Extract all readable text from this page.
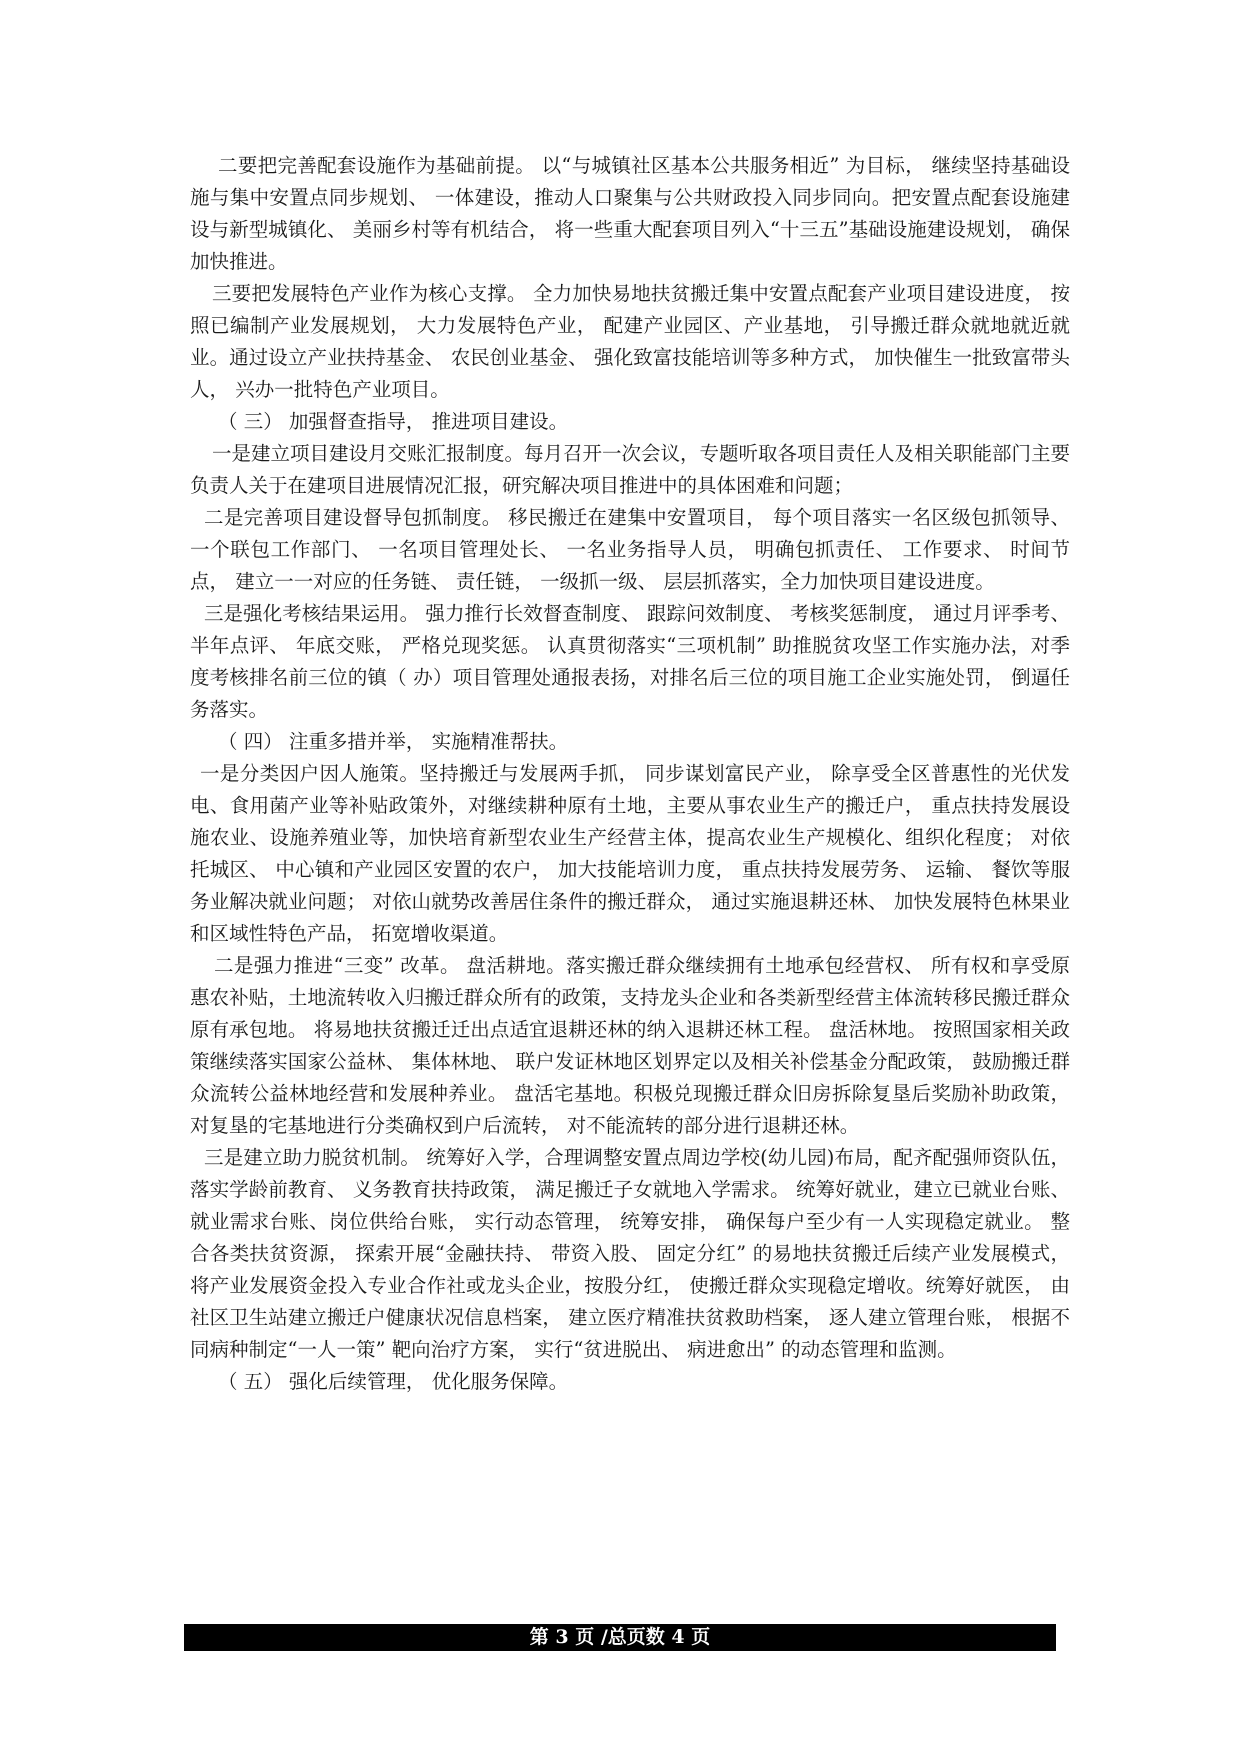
二要把完善配套设施作为基础前提。 以“与城镇社区基本公共服务相近” 为目标， 继续坚持基础设施与集中安置点同步规划、 一体建设，推动人口聚集与公共财政投入同步同向。把安置点配套设施建设与新型城镇化、 美丽乡村等有机结合， 将一些重大配套项目列入“十三五”基础设施建设规划， 确保加快推进。

三要把发展特色产业作为核心支撑。 全力加快易地扶贫搬迁集中安置点配套产业项目建设进度， 按照已编制产业发展规划， 大力发展特色产业， 配建产业园区、产业基地， 引导搬迁群众就地就近就业。通过设立产业扶持基金、 农民创业基金、 强化致富技能培训等多种方式， 加快催生一批致富带头人， 兴办一批特色产业项目。

（ 三） 加强督查指导， 推进项目建设。

一是建立项目建设月交账汇报制度。每月召开一次会议，专题听取各项目责任人及相关职能部门主要负责人关于在建项目进展情况汇报，研究解决项目推进中的具体困难和问题；

二是完善项目建设督导包抓制度。 移民搬迁在建集中安置项目， 每个项目落实一名区级包抓领导、 一个联包工作部门、 一名项目管理处长、 一名业务指导人员， 明确包抓责任、 工作要求、 时间节点， 建立一一对应的任务链、 责任链， 一级抓一级、 层层抓落实，全力加快项目建设进度。

三是强化考核结果运用。 强力推行长效督查制度、 跟踪问效制度、 考核奖惩制度， 通过月评季考、 半年点评、 年底交账， 严格兑现奖惩。 认真贯彻落实“三项机制” 助推脱贫攻坚工作实施办法，对季度考核排名前三位的镇（ 办）项目管理处通报表扬，对排名后三位的项目施工企业实施处罚， 倒逼任务落实。

（ 四） 注重多措并举， 实施精准帮扶。

一是分类因户因人施策。坚持搬迁与发展两手抓， 同步谋划富民产业， 除享受全区普惠性的光伏发电、食用菌产业等补贴政策外，对继续耕种原有土地，主要从事农业生产的搬迁户， 重点扶持发展设施农业、设施养殖业等，加快培育新型农业生产经营主体，提高农业生产规模化、组织化程度； 对依托城区、 中心镇和产业园区安置的农户， 加大技能培训力度， 重点扶持发展劳务、 运输、 餐饮等服务业解决就业问题； 对依山就势改善居住条件的搬迁群众， 通过实施退耕还林、 加快发展特色林果业和区域性特色产品， 拓宽增收渠道。

二是强力推进“三变” 改革。 盘活耕地。落实搬迁群众继续拥有土地承包经营权、 所有权和享受原惠农补贴，土地流转收入归搬迁群众所有的政策，支持龙头企业和各类新型经营主体流转移民搬迁群众原有承包地。 将易地扶贫搬迁迁出点适宜退耕还林的纳入退耕还林工程。 盘活林地。 按照国家相关政策继续落实国家公益林、 集体林地、 联户发证林地区划界定以及相关补偿基金分配政策， 鼓励搬迁群众流转公益林地经营和发展种养业。 盘活宅基地。积极兑现搬迁群众旧房拆除复垦后奖励补助政策，对复垦的宅基地进行分类确权到户后流转， 对不能流转的部分进行退耕还林。

三是建立助力脱贫机制。 统筹好入学，合理调整安置点周边学校(幼儿园)布局，配齐配强师资队伍， 落实学龄前教育、 义务教育扶持政策， 满足搬迁子女就地入学需求。 统筹好就业，建立已就业台账、 就业需求台账、岗位供给台账， 实行动态管理， 统筹安排， 确保每户至少有一人实现稳定就业。 整合各类扶贫资源， 探索开展“金融扶持、 带资入股、 固定分红” 的易地扶贫搬迁后续产业发展模式， 将产业发展资金投入专业合作社或龙头企业，按股分红， 使搬迁群众实现稳定增收。统筹好就医， 由社区卫生站建立搬迁户健康状况信息档案， 建立医疗精准扶贫救助档案， 逐人建立管理台账， 根据不同病种制定“一人一策” 靶向治疗方案， 实行“贫进脱出、 病进愈出” 的动态管理和监测。

（ 五） 强化后续管理， 优化服务保障。

第 3 页 /总页数 4 页
